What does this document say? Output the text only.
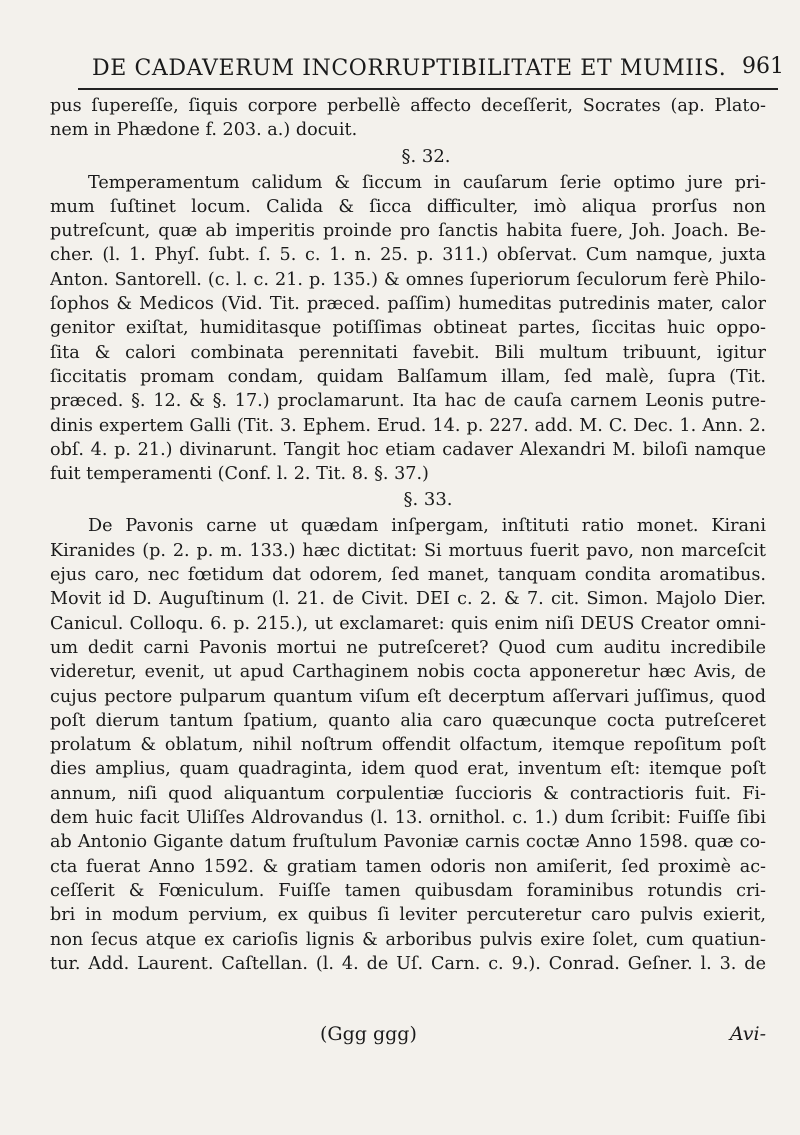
DE CADAVERUM INCORRUPTIBILITATE ET MUMIIS. 961
pus ſupereſſe, ſiquis corpore perbellè affecto deceſſerit, Socrates (ap. Plato-
nem in Phædone f. 203. a.) docuit.
§. 32.
Temperamentum calidum & ſiccum in cauſarum ſerie optimo jure pri-
mum ſuſtinet locum. Calida & ſicca difficulter, imò aliqua prorſus non
putreſcunt, quæ ab imperitis proinde pro ſanctis habita fuere, Joh. Joach. Be-
cher. (l. 1. Phyſ. ſubt. ſ. 5. c. 1. n. 25. p. 311.) obſervat. Cum namque, juxta
Anton. Santorell. (c. l. c. 21. p. 135.) & omnes ſuperiorum ſeculorum ferè Philo-
ſophos & Medicos (Vid. Tit. præced. paſſim) humeditas putredinis mater, calor
genitor exiſtat, humiditasque potiſſimas obtineat partes, ſiccitas huic oppo-
ſita & calori combinata perennitati favebit. Bili multum tribuunt, igitur
ſiccitatis promam condam, quidam Balſamum illam, ſed malè, ſupra (Tit.
præced. §. 12. & §. 17.) proclamarunt. Ita hac de cauſa carnem Leonis putre-
dinis expertem Galli (Tit. 3. Ephem. Erud. 14. p. 227. add. M. C. Dec. 1. Ann. 2.
obſ. 4. p. 21.) divinarunt. Tangit hoc etiam cadaver Alexandri M. biloſi namque
fuit temperamenti (Conf. l. 2. Tit. 8. §. 37.)
§. 33.
De Pavonis carne ut quædam inſpergam, inſtituti ratio monet. Kirani
Kiranides (p. 2. p. m. 133.) hæc dictitat: Si mortuus fuerit pavo, non marceſcit
ejus caro, nec fœtidum dat odorem, ſed manet, tanquam condita aromatibus.
Movit id D. Auguſtinum (l. 21. de Civit. DEI c. 2. & 7. cit. Simon. Majolo Dier.
Canicul. Colloqu. 6. p. 215.), ut exclamaret: quis enim niſi DEUS Creator omni-
um dedit carni Pavonis mortui ne putreſceret? Quod cum auditu incredibile
videretur, evenit, ut apud Carthaginem nobis cocta apponeretur hæc Avis, de
cujus pectore pulparum quantum viſum eſt decerptum aſſervari juſſimus, quod
poſt dierum tantum ſpatium, quanto alia caro quæcunque cocta putreſceret
prolatum & oblatum, nihil noſtrum offendit olfactum, itemque repoſitum poſt
dies amplius, quam quadraginta, idem quod erat, inventum eſt: itemque poſt
annum, niſi quod aliquantum corpulentiæ ſuccioris & contractioris fuit. Fi-
dem huic facit Uliſſes Aldrovandus (l. 13. ornithol. c. 1.) dum ſcribit: Fuiſſe ſibi
ab Antonio Gigante datum fruſtulum Pavoniæ carnis coctæ Anno 1598. quæ co-
cta fuerat Anno 1592. & gratiam tamen odoris non amiſerit, ſed proximè ac-
ceſſerit & Fœniculum. Fuiſſe tamen quibusdam foraminibus rotundis cri-
bri in modum pervium, ex quibus ſi leviter percuteretur caro pulvis exierit,
non ſecus atque ex carioſis lignis & arboribus pulvis exire ſolet, cum quatiun-
tur. Add. Laurent. Caſtellan. (l. 4. de Uſ. Carn. c. 9.). Conrad. Geſner. l. 3. de
(Ggg ggg)	Avi-
